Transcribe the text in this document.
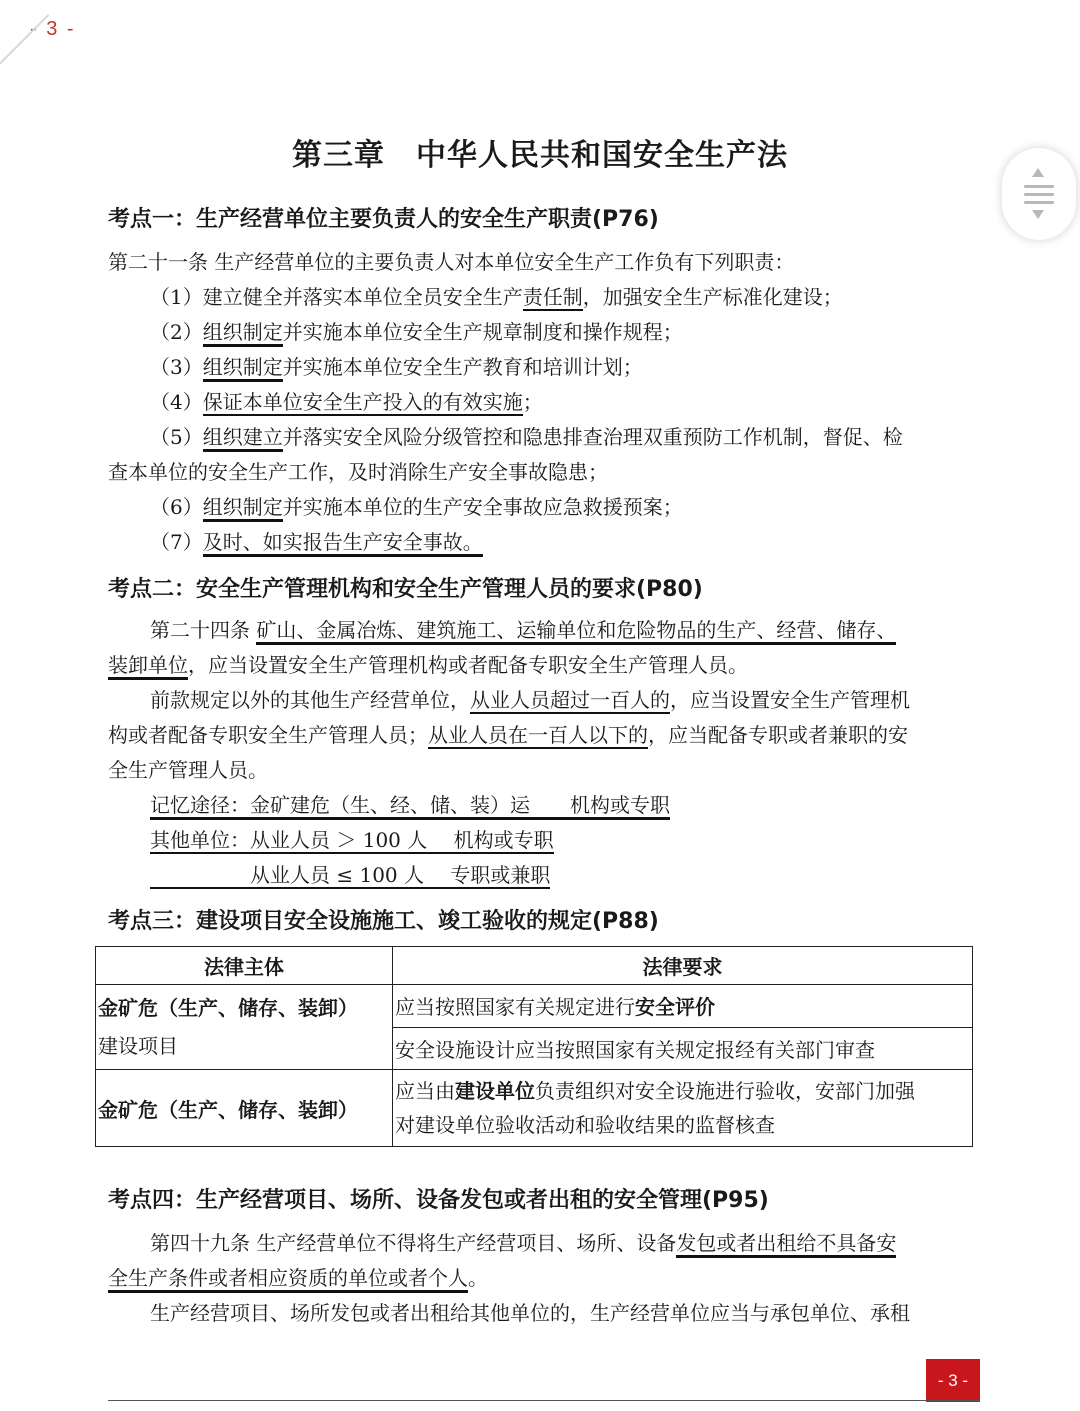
- 3 -
第三章　中华人民共和国安全生产法
考点一：生产经营单位主要负责人的安全生产职责(P76)
第二十一条 生产经营单位的主要负责人对本单位安全生产工作负有下列职责：
（1）建立健全并落实本单位全员安全生产责任制，加强安全生产标准化建设；
（2）组织制定并实施本单位安全生产规章制度和操作规程；
（3）组织制定并实施本单位安全生产教育和培训计划；
（4）保证本单位安全生产投入的有效实施；
（5）组织建立并落实安全风险分级管控和隐患排查治理双重预防工作机制，督促、检
查本单位的安全生产工作，及时消除生产安全事故隐患；
（6）组织制定并实施本单位的生产安全事故应急救援预案；
（7）及时、如实报告生产安全事故。
考点二：安全生产管理机构和安全生产管理人员的要求(P80)
第二十四条 矿山、金属冶炼、建筑施工、运输单位和危险物品的生产、经营、储存、
装卸单位，应当设置安全生产管理机构或者配备专职安全生产管理人员。
前款规定以外的其他生产经营单位，从业人员超过一百人的，应当设置安全生产管理机
构或者配备专职安全生产管理人员；从业人员在一百人以下的，应当配备专职或者兼职的安
全生产管理人员。
记忆途径：金矿建危（生、经、储、装）运　　机构或专职
其他单位：从业人员 ＞ 100 人　 机构或专职
　　　　　从业人员 ≤ 100 人　 专职或兼职
考点三：建设项目安全设施施工、竣工验收的规定(P88)
法律主体	法律要求

金矿危（生产、储存、装卸）
建设项目	应当按照国家有关规定进行安全评价
	安全设施设计应当按照国家有关规定报经有关部门审查
金矿危（生产、储存、装卸）	应当由建设单位负责组织对安全设施进行验收，安部门加强
对建设单位验收活动和验收结果的监督核查
考点四：生产经营项目、场所、设备发包或者出租的安全管理(P95)
第四十九条 生产经营单位不得将生产经营项目、场所、设备发包或者出租给不具备安
全生产条件或者相应资质的单位或者个人。
生产经营项目、场所发包或者出租给其他单位的，生产经营单位应当与承包单位、承租
- 3 -
